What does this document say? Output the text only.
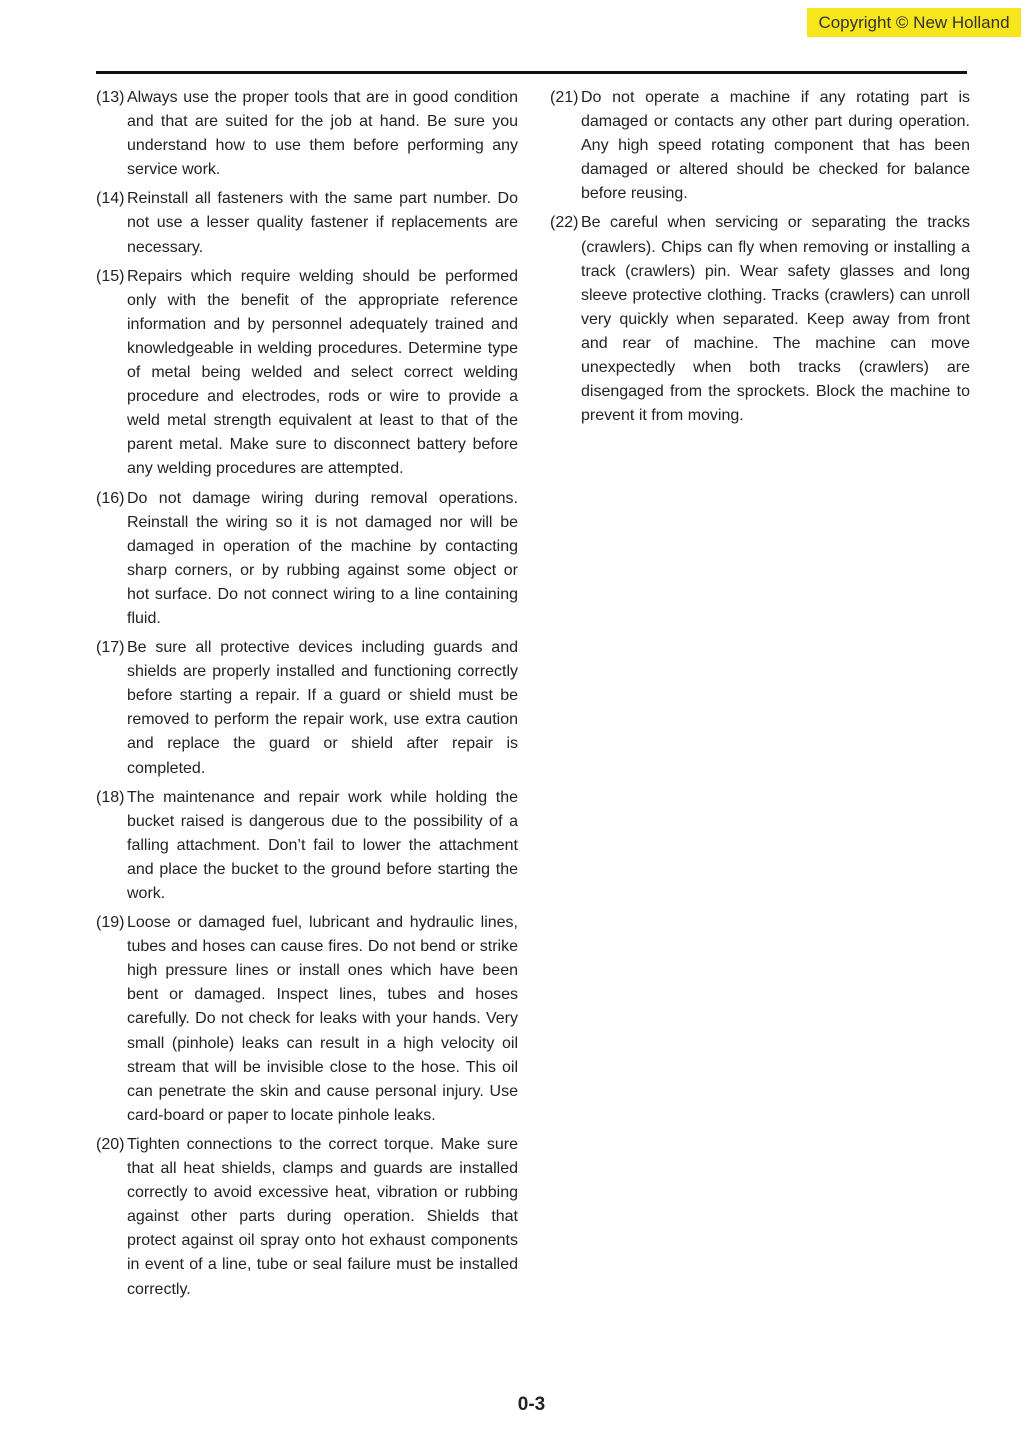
Copyright © New Holland
(13) Always use the proper tools that are in good condition and that are suited for the job at hand. Be sure you understand how to use them before performing any service work.
(14) Reinstall all fasteners with the same part number. Do not use a lesser quality fastener if replacements are necessary.
(15) Repairs which require welding should be performed only with the benefit of the appropriate reference information and by personnel adequately trained and knowledgeable in welding procedures. Determine type of metal being welded and select correct welding procedure and electrodes, rods or wire to provide a weld metal strength equivalent at least to that of the parent metal. Make sure to disconnect battery before any welding procedures are attempted.
(16) Do not damage wiring during removal operations. Reinstall the wiring so it is not damaged nor will be damaged in operation of the machine by contacting sharp corners, or by rubbing against some object or hot surface. Do not connect wiring to a line containing fluid.
(17) Be sure all protective devices including guards and shields are properly installed and functioning correctly before starting a repair. If a guard or shield must be removed to perform the repair work, use extra caution and replace the guard or shield after repair is completed.
(18) The maintenance and repair work while holding the bucket raised is dangerous due to the possibility of a falling attachment. Don’t fail to lower the attachment and place the bucket to the ground before starting the work.
(19) Loose or damaged fuel, lubricant and hydraulic lines, tubes and hoses can cause fires. Do not bend or strike high pressure lines or install ones which have been bent or damaged. Inspect lines, tubes and hoses carefully. Do not check for leaks with your hands. Very small (pinhole) leaks can result in a high velocity oil stream that will be invisible close to the hose. This oil can penetrate the skin and cause personal injury. Use card-board or paper to locate pinhole leaks.
(20) Tighten connections to the correct torque. Make sure that all heat shields, clamps and guards are installed correctly to avoid excessive heat, vibration or rubbing against other parts during operation. Shields that protect against oil spray onto hot exhaust components in event of a line, tube or seal failure must be installed correctly.
(21) Do not operate a machine if any rotating part is damaged or contacts any other part during operation. Any high speed rotating component that has been damaged or altered should be checked for balance before reusing.
(22) Be careful when servicing or separating the tracks (crawlers). Chips can fly when removing or installing a track (crawlers) pin. Wear safety glasses and long sleeve protective clothing. Tracks (crawlers) can unroll very quickly when separated. Keep away from front and rear of machine. The machine can move unexpectedly when both tracks (crawlers) are disengaged from the sprockets. Block the machine to prevent it from moving.
0-3
